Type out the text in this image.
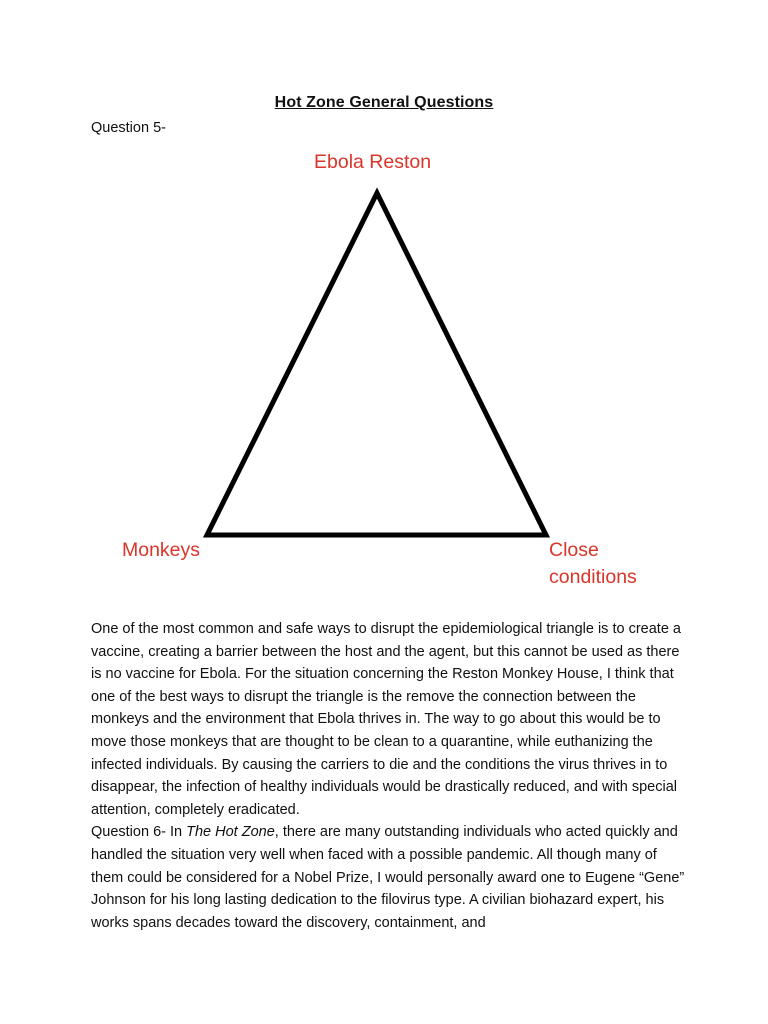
Hot Zone General Questions
Question 5-
Ebola Reston
Monkeys	Close
conditions

One of the most common and safe ways to disrupt the epidemiological triangle is to create a vaccine, creating a barrier between the host and the agent, but this cannot be used as there is no vaccine for Ebola. For the situation concerning the Reston Monkey House, I think that one of the best ways to disrupt the triangle is the remove the connection between the monkeys and the environment that Ebola thrives in. The way to go about this would be to move those monkeys that are thought to be clean to a quarantine, while euthanizing the infected individuals. By causing the carriers to die and the conditions the virus thrives in to disappear, the infection of healthy individuals would be drastically reduced, and with special attention, completely eradicated.

Question 6- In The Hot Zone, there are many outstanding individuals who acted quickly and handled the situation very well when faced with a possible pandemic. All though many of them could be considered for a Nobel Prize, I would personally award one to Eugene “Gene” Johnson for his long lasting dedication to the filovirus type. A civilian biohazard expert, his works spans decades toward the discovery, containment, and
